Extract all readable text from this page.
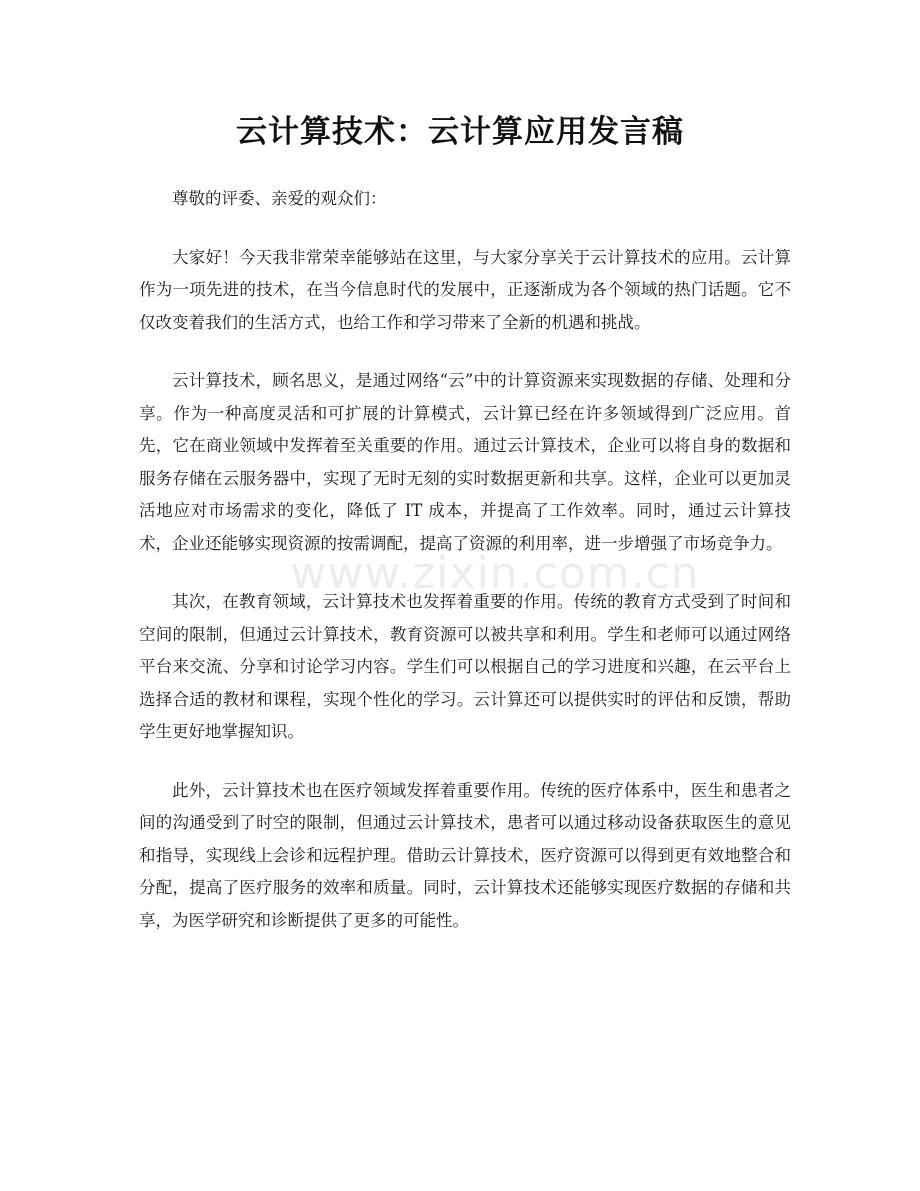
云计算技术：云计算应用发言稿

尊敬的评委、亲爱的观众们：

大家好！今天我非常荣幸能够站在这里，与大家分享关于云计算技术的应用。云计算作为一项先进的技术，在当今信息时代的发展中，正逐渐成为各个领域的热门话题。它不仅改变着我们的生活方式，也给工作和学习带来了全新的机遇和挑战。

云计算技术，顾名思义，是通过网络“云”中的计算资源来实现数据的存储、处理和分享。作为一种高度灵活和可扩展的计算模式，云计算已经在许多领域得到广泛应用。首先，它在商业领域中发挥着至关重要的作用。通过云计算技术，企业可以将自身的数据和服务存储在云服务器中，实现了无时无刻的实时数据更新和共享。这样，企业可以更加灵活地应对市场需求的变化，降低了 IT 成本，并提高了工作效率。同时，通过云计算技术，企业还能够实现资源的按需调配，提高了资源的利用率，进一步增强了市场竞争力。

其次，在教育领域，云计算技术也发挥着重要的作用。传统的教育方式受到了时间和空间的限制，但通过云计算技术，教育资源可以被共享和利用。学生和老师可以通过网络平台来交流、分享和讨论学习内容。学生们可以根据自己的学习进度和兴趣，在云平台上选择合适的教材和课程，实现个性化的学习。云计算还可以提供实时的评估和反馈，帮助学生更好地掌握知识。

此外，云计算技术也在医疗领域发挥着重要作用。传统的医疗体系中，医生和患者之间的沟通受到了时空的限制，但通过云计算技术，患者可以通过移动设备获取医生的意见和指导，实现线上会诊和远程护理。借助云计算技术，医疗资源可以得到更有效地整合和分配，提高了医疗服务的效率和质量。同时，云计算技术还能够实现医疗数据的存储和共享，为医学研究和诊断提供了更多的可能性。

www.zixin.com.cn
